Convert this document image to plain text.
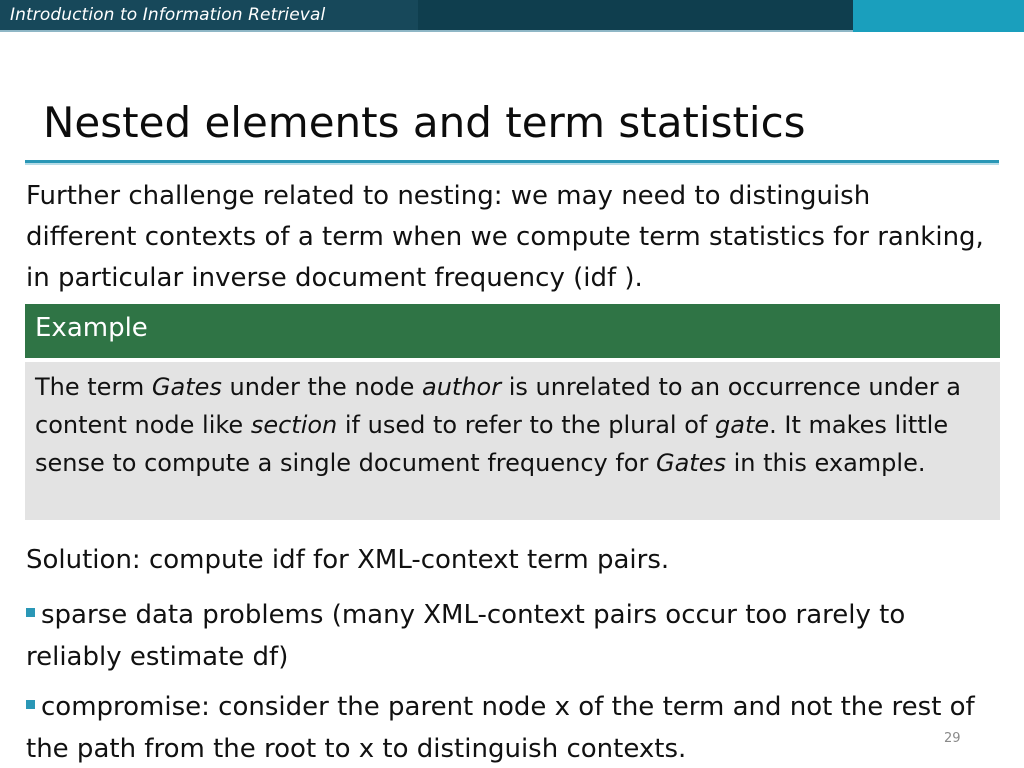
Introduction to Information Retrieval
Nested elements and term statistics

Further challenge related to nesting: we may need to distinguish different contexts of a term when we compute term statistics for ranking, in particular inverse document frequency (idf ).

Example

The term Gates under the node author is unrelated to an occurrence under a content node like section if used to refer to the plural of gate. It makes little sense to compute a single document frequency for Gates in this example.

Solution: compute idf for XML-context term pairs.

sparse data problems (many XML-context pairs occur too rarely to reliably estimate df)

compromise: consider the parent node x of the term and not the rest of the path from the root to x to distinguish contexts.	29
